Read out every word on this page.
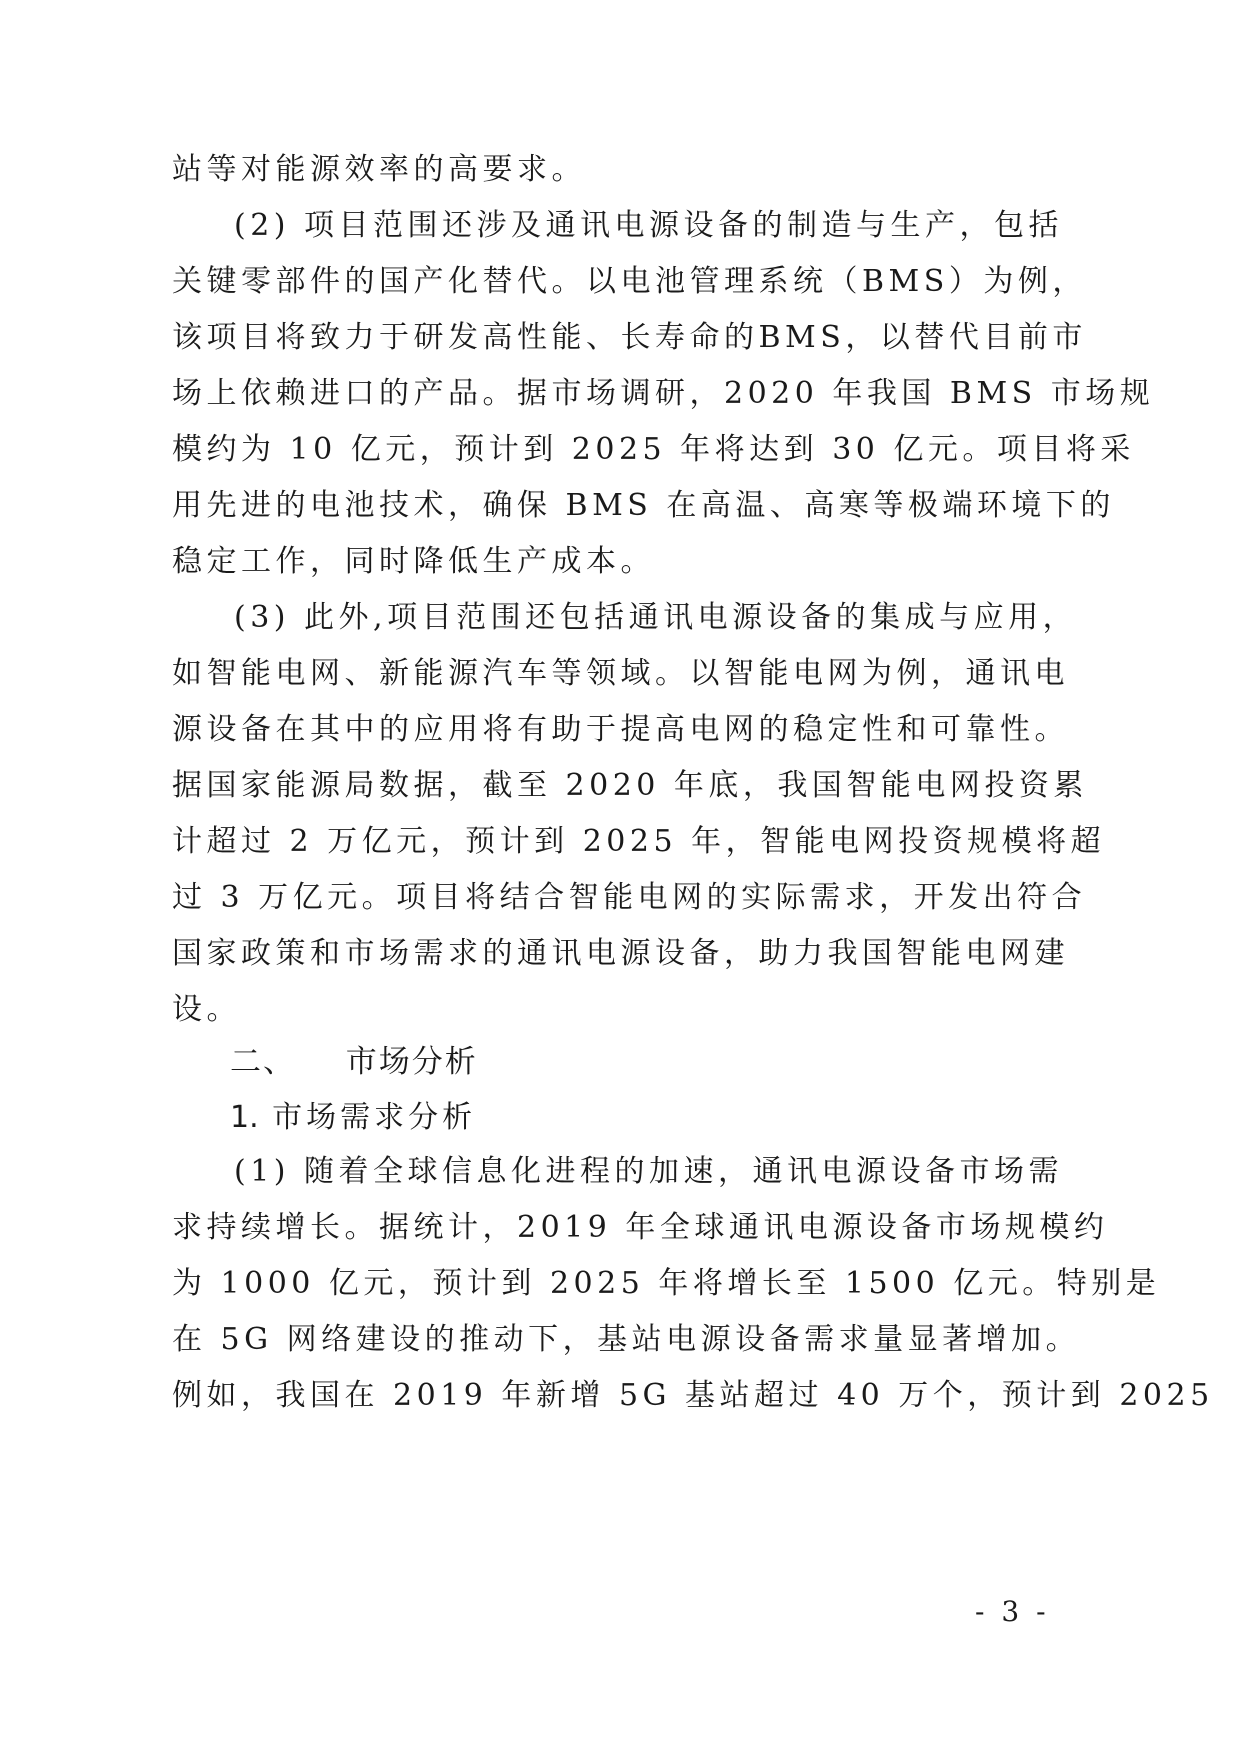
站等对能源效率的高要求。
(2) 项目范围还涉及通讯电源设备的制造与生产，包括
关键零部件的国产化替代。以电池管理系统（BMS）为例，
该项目将致力于研发高性能、长寿命的BMS，以替代目前市
场上依赖进口的产品。据市场调研，2020 年我国 BMS 市场规
模约为 10 亿元，预计到 2025 年将达到 30 亿元。项目将采
用先进的电池技术，确保 BMS 在高温、高寒等极端环境下的
稳定工作，同时降低生产成本。
(3) 此外,项目范围还包括通讯电源设备的集成与应用，
如智能电网、新能源汽车等领域。以智能电网为例，通讯电
源设备在其中的应用将有助于提高电网的稳定性和可靠性。
据国家能源局数据，截至 2020 年底，我国智能电网投资累
计超过 2 万亿元，预计到 2025 年，智能电网投资规模将超
过 3 万亿元。项目将结合智能电网的实际需求，开发出符合
国家政策和市场需求的通讯电源设备，助力我国智能电网建
设。
二、 市场分析
1. 市场需求分析
(1) 随着全球信息化进程的加速，通讯电源设备市场需
求持续增长。据统计，2019 年全球通讯电源设备市场规模约
为 1000 亿元，预计到 2025 年将增长至 1500 亿元。特别是
在 5G 网络建设的推动下，基站电源设备需求量显著增加。
例如，我国在 2019 年新增 5G 基站超过 40 万个，预计到 2025
- 3 -
